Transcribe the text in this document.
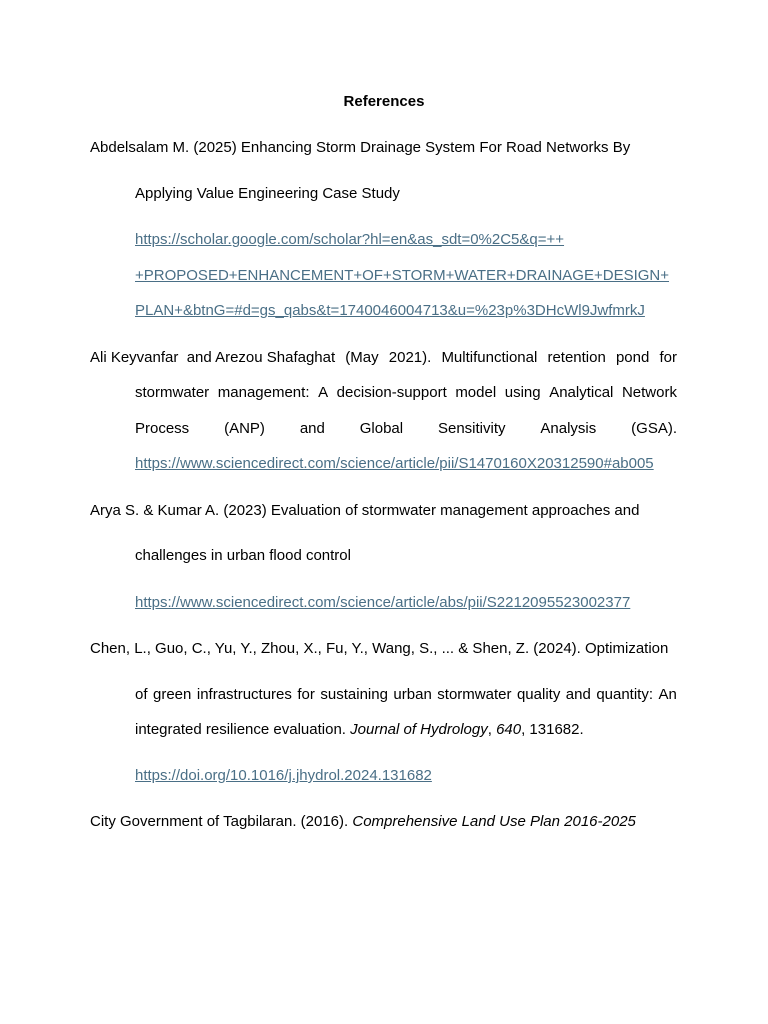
References
Abdelsalam M. (2025) Enhancing Storm Drainage System For Road Networks By
Applying Value Engineering Case Study
https://scholar.google.com/scholar?hl=en&as_sdt=0%2C5&q=++
+PROPOSED+ENHANCEMENT+OF+STORM+WATER+DRAINAGE+DESIGN+
PLAN+&btnG=#d=gs_qabs&t=1740046004713&u=%23p%3DHcWl9JwfmrkJ
Ali Keyvanfar  and Arezou Shafaghat (May 2021). Multifunctional retention pond for
stormwater management: A decision-support model using Analytical Network
Process (ANP) and Global Sensitivity Analysis (GSA).
https://www.sciencedirect.com/science/article/pii/S1470160X20312590#ab005
Arya S. & Kumar A. (2023) Evaluation of stormwater management approaches and
challenges in urban flood control
https://www.sciencedirect.com/science/article/abs/pii/S2212095523002377
Chen, L., Guo, C., Yu, Y., Zhou, X., Fu, Y., Wang, S., ... & Shen, Z. (2024). Optimization
of green infrastructures for sustaining urban stormwater quality and quantity: An
integrated resilience evaluation. Journal of Hydrology, 640, 131682.
https://doi.org/10.1016/j.jhydrol.2024.131682
City Government of Tagbilaran. (2016). Comprehensive Land Use Plan 2016-2025
